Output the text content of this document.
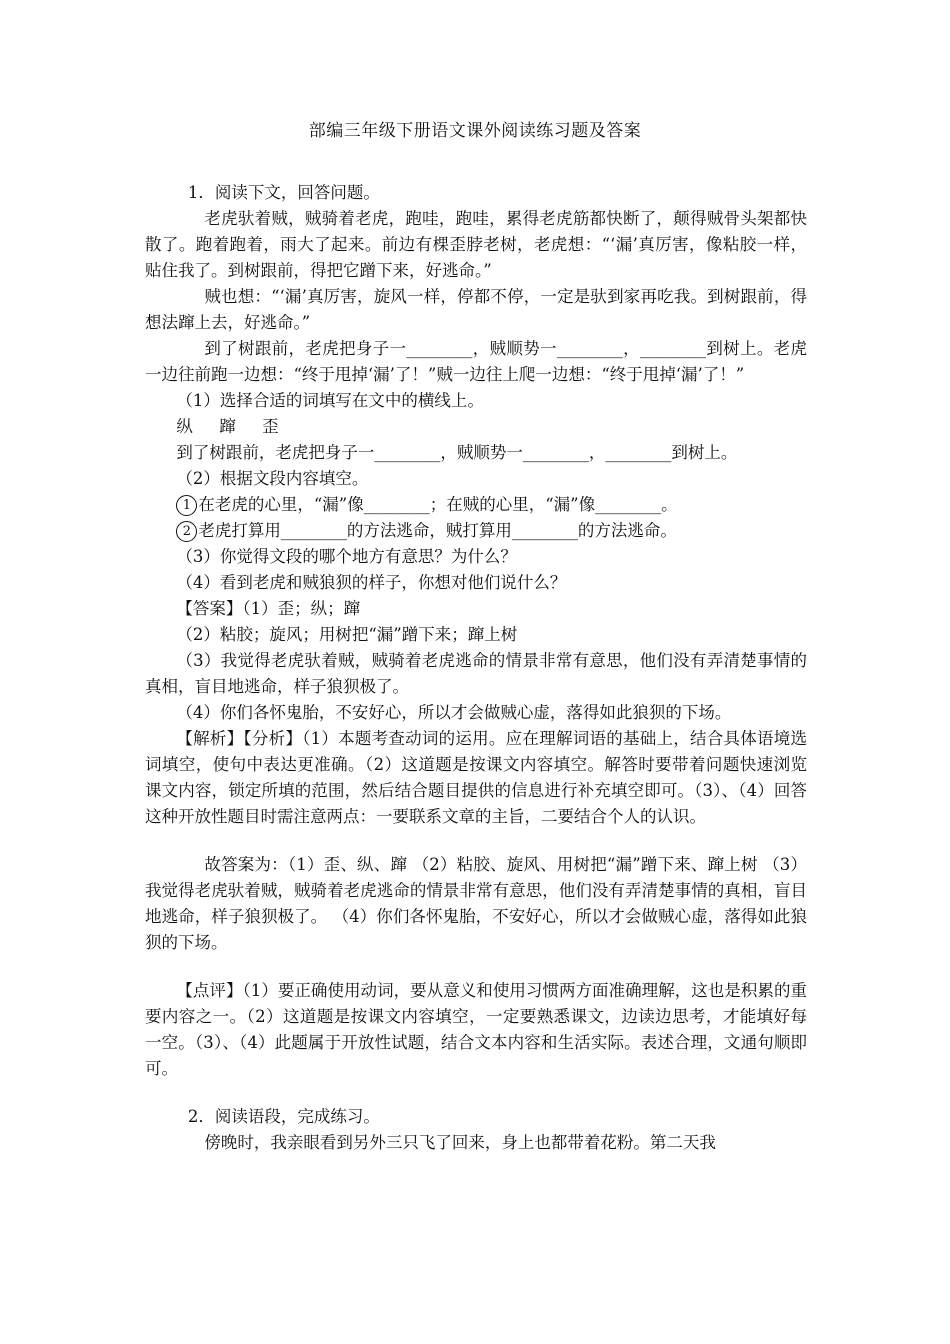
部编三年级下册语文课外阅读练习题及答案

1．阅读下文，回答问题。

老虎驮着贼，贼骑着老虎，跑哇，跑哇，累得老虎筋都快断了，颠得贼骨头架都快散了。跑着跑着，雨大了起来。前边有棵歪脖老树，老虎想：“‘漏’真厉害，像粘胶一样，贴住我了。到树跟前，得把它蹭下来，好逃命。”

贼也想：“‘漏’真厉害，旋风一样，停都不停，一定是驮到家再吃我。到树跟前，得想法蹿上去，好逃命。”

到了树跟前，老虎把身子一________，贼顺势一________，________到树上。老虎一边往前跑一边想：“终于甩掉‘漏’了！”贼一边往上爬一边想：“终于甩掉‘漏’了！”

（1）选择合适的词填写在文中的横线上。

纵 蹿 歪

到了树跟前，老虎把身子一________，贼顺势一________，________到树上。

（2）根据文段内容填空。

1 在老虎的心里，“漏”像________；在贼的心里，“漏”像________。

2 老虎打算用________的方法逃命，贼打算用________的方法逃命。

（3）你觉得文段的哪个地方有意思？为什么？

（4）看到老虎和贼狼狈的样子，你想对他们说什么？

【答案】（1）歪；纵；蹿

（2）粘胶；旋风；用树把“漏”蹭下来；蹿上树

（3）我觉得老虎驮着贼，贼骑着老虎逃命的情景非常有意思，他们没有弄清楚事情的真相，盲目地逃命，样子狼狈极了。

（4）你们各怀鬼胎，不安好心，所以才会做贼心虚，落得如此狼狈的下场。

【解析】【分析】（1）本题考查动词的运用。应在理解词语的基础上，结合具体语境选词填空，使句中表达更准确。（2）这道题是按课文内容填空。解答时要带着问题快速浏览课文内容，锁定所填的范围，然后结合题目提供的信息进行补充填空即可。（3）、（4）回答这种开放性题目时需注意两点：一要联系文章的主旨，二要结合个人的认识。

故答案为：（1）歪、纵、蹿 （2）粘胶、旋风、用树把“漏”蹭下来、蹿上树 （3）我觉得老虎驮着贼，贼骑着老虎逃命的情景非常有意思，他们没有弄清楚事情的真相，盲目地逃命，样子狼狈极了。 （4）你们各怀鬼胎，不安好心，所以才会做贼心虚，落得如此狼狈的下场。

【点评】（1）要正确使用动词，要从意义和使用习惯两方面准确理解，这也是积累的重要内容之一。（2）这道题是按课文内容填空，一定要熟悉课文，边读边思考，才能填好每一空。（3）、（4）此题属于开放性试题，结合文本内容和生活实际。表述合理，文通句顺即可。

2．阅读语段，完成练习。

傍晚时，我亲眼看到另外三只飞了回来，身上也都带着花粉。第二天我
